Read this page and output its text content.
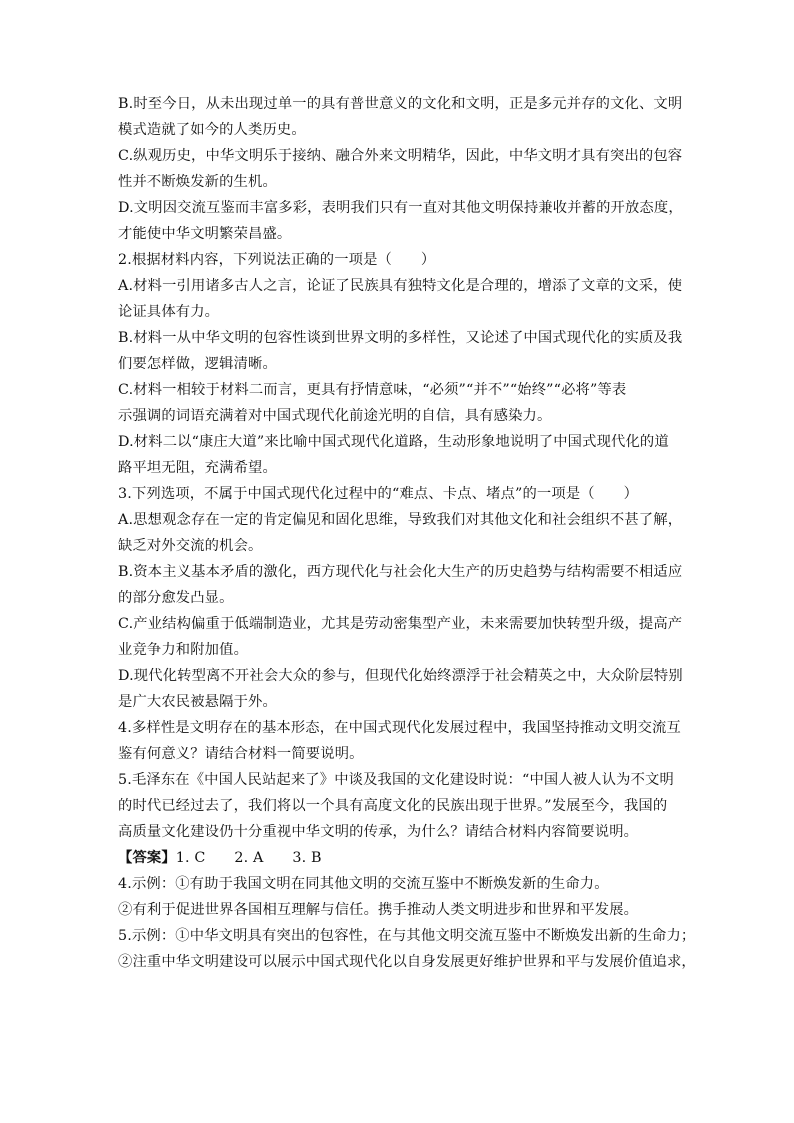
B.时至今日，从未出现过单一的具有普世意义的文化和文明，正是多元并存的文化、文明
模式造就了如今的人类历史。
C.纵观历史，中华文明乐于接纳、融合外来文明精华，因此，中华文明才具有突出的包容
性并不断焕发新的生机。
D.文明因交流互鉴而丰富多彩，表明我们只有一直对其他文明保持兼收并蓄的开放态度，
才能使中华文明繁荣昌盛。
2.根据材料内容，下列说法正确的一项是（　　）
A.材料一引用诸多古人之言，论证了民族具有独特文化是合理的，增添了文章的文采，使
论证具体有力。
B.材料一从中华文明的包容性谈到世界文明的多样性，又论述了中国式现代化的实质及我
们要怎样做，逻辑清晰。
C.材料一相较于材料二而言，更具有抒情意味，“必须”“并不”“始终”“必将”等表
示强调的词语充满着对中国式现代化前途光明的自信，具有感染力。
D.材料二以“康庄大道”来比喻中国式现代化道路，生动形象地说明了中国式现代化的道
路平坦无阻，充满希望。
3.下列选项，不属于中国式现代化过程中的“难点、卡点、堵点”的一项是（　　）
A.思想观念存在一定的肯定偏见和固化思维，导致我们对其他文化和社会组织不甚了解，
缺乏对外交流的机会。
B.资本主义基本矛盾的激化，西方现代化与社会化大生产的历史趋势与结构需要不相适应
的部分愈发凸显。
C.产业结构偏重于低端制造业，尤其是劳动密集型产业，未来需要加快转型升级，提高产
业竞争力和附加值。
D.现代化转型离不开社会大众的参与，但现代化始终漂浮于社会精英之中，大众阶层特别
是广大农民被悬隔于外。
4.多样性是文明存在的基本形态，在中国式现代化发展过程中，我国坚持推动文明交流互
鉴有何意义？请结合材料一简要说明。
5.毛泽东在《中国人民站起来了》中谈及我国的文化建设时说：“中国人被人认为不文明
的时代已经过去了，我们将以一个具有高度文化的民族出现于世界。”发展至今，我国的
高质量文化建设仍十分重视中华文明的传承，为什么？请结合材料内容简要说明。
【答案】1. C　　2. A　　3. B
4.示例：①有助于我国文明在同其他文明的交流互鉴中不断焕发新的生命力。
②有利于促进世界各国相互理解与信任。携手推动人类文明进步和世界和平发展。
5.示例：①中华文明具有突出的包容性，在与其他文明交流互鉴中不断焕发出新的生命力；
②注重中华文明建设可以展示中国式现代化以自身发展更好维护世界和平与发展价值追求，
